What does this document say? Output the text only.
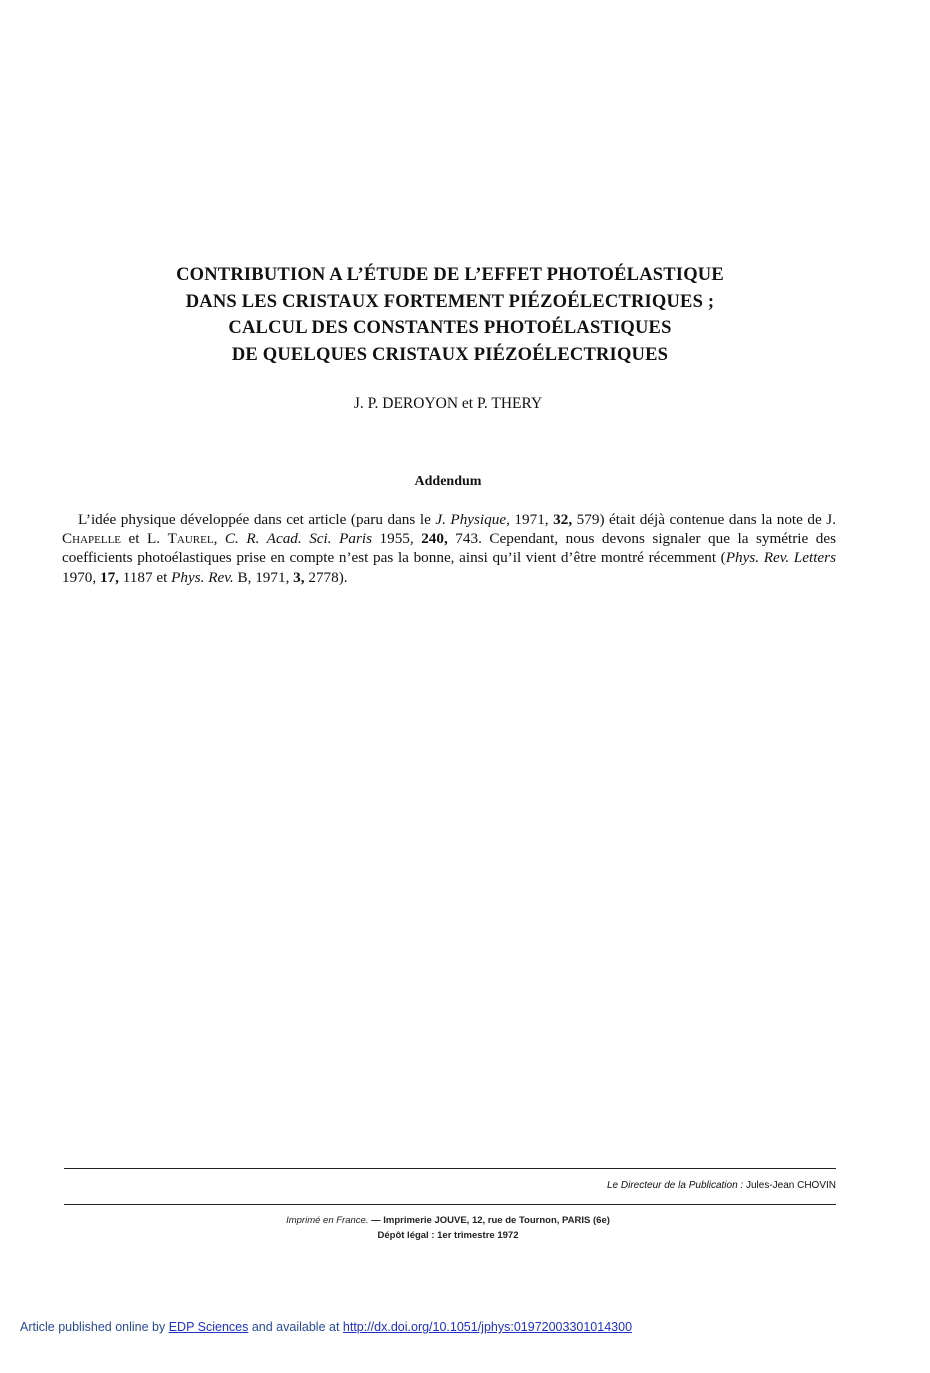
CONTRIBUTION A L’ÉTUDE DE L’EFFET PHOTOÉLASTIQUE
DANS LES CRISTAUX FORTEMENT PIÉZOÉLECTRIQUES ;
CALCUL DES CONSTANTES PHOTOÉLASTIQUES
DE QUELQUES CRISTAUX PIÉZOÉLECTRIQUES
J. P. DEROYON et P. THERY
Addendum

L’idée physique développée dans cet article (paru dans le J. Physique, 1971, 32, 579) était déjà contenue dans la note de J. Chapelle et L. Taurel, C. R. Acad. Sci. Paris 1955, 240, 743. Cependant, nous devons signaler que la symétrie des coefficients photoélastiques prise en compte n’est pas la bonne, ainsi qu’il vient d’être montré récemment (Phys. Rev. Letters 1970, 17, 1187 et Phys. Rev. B, 1971, 3, 2778).

Le Directeur de la Publication : Jules-Jean CHOVIN
Imprimé en France. — Imprimerie JOUVE, 12, rue de Tournon, PARIS (6e)
Dépôt légal : 1er trimestre 1972
Article published online by EDP Sciences and available at http://dx.doi.org/10.1051/jphys:01972003301014300
